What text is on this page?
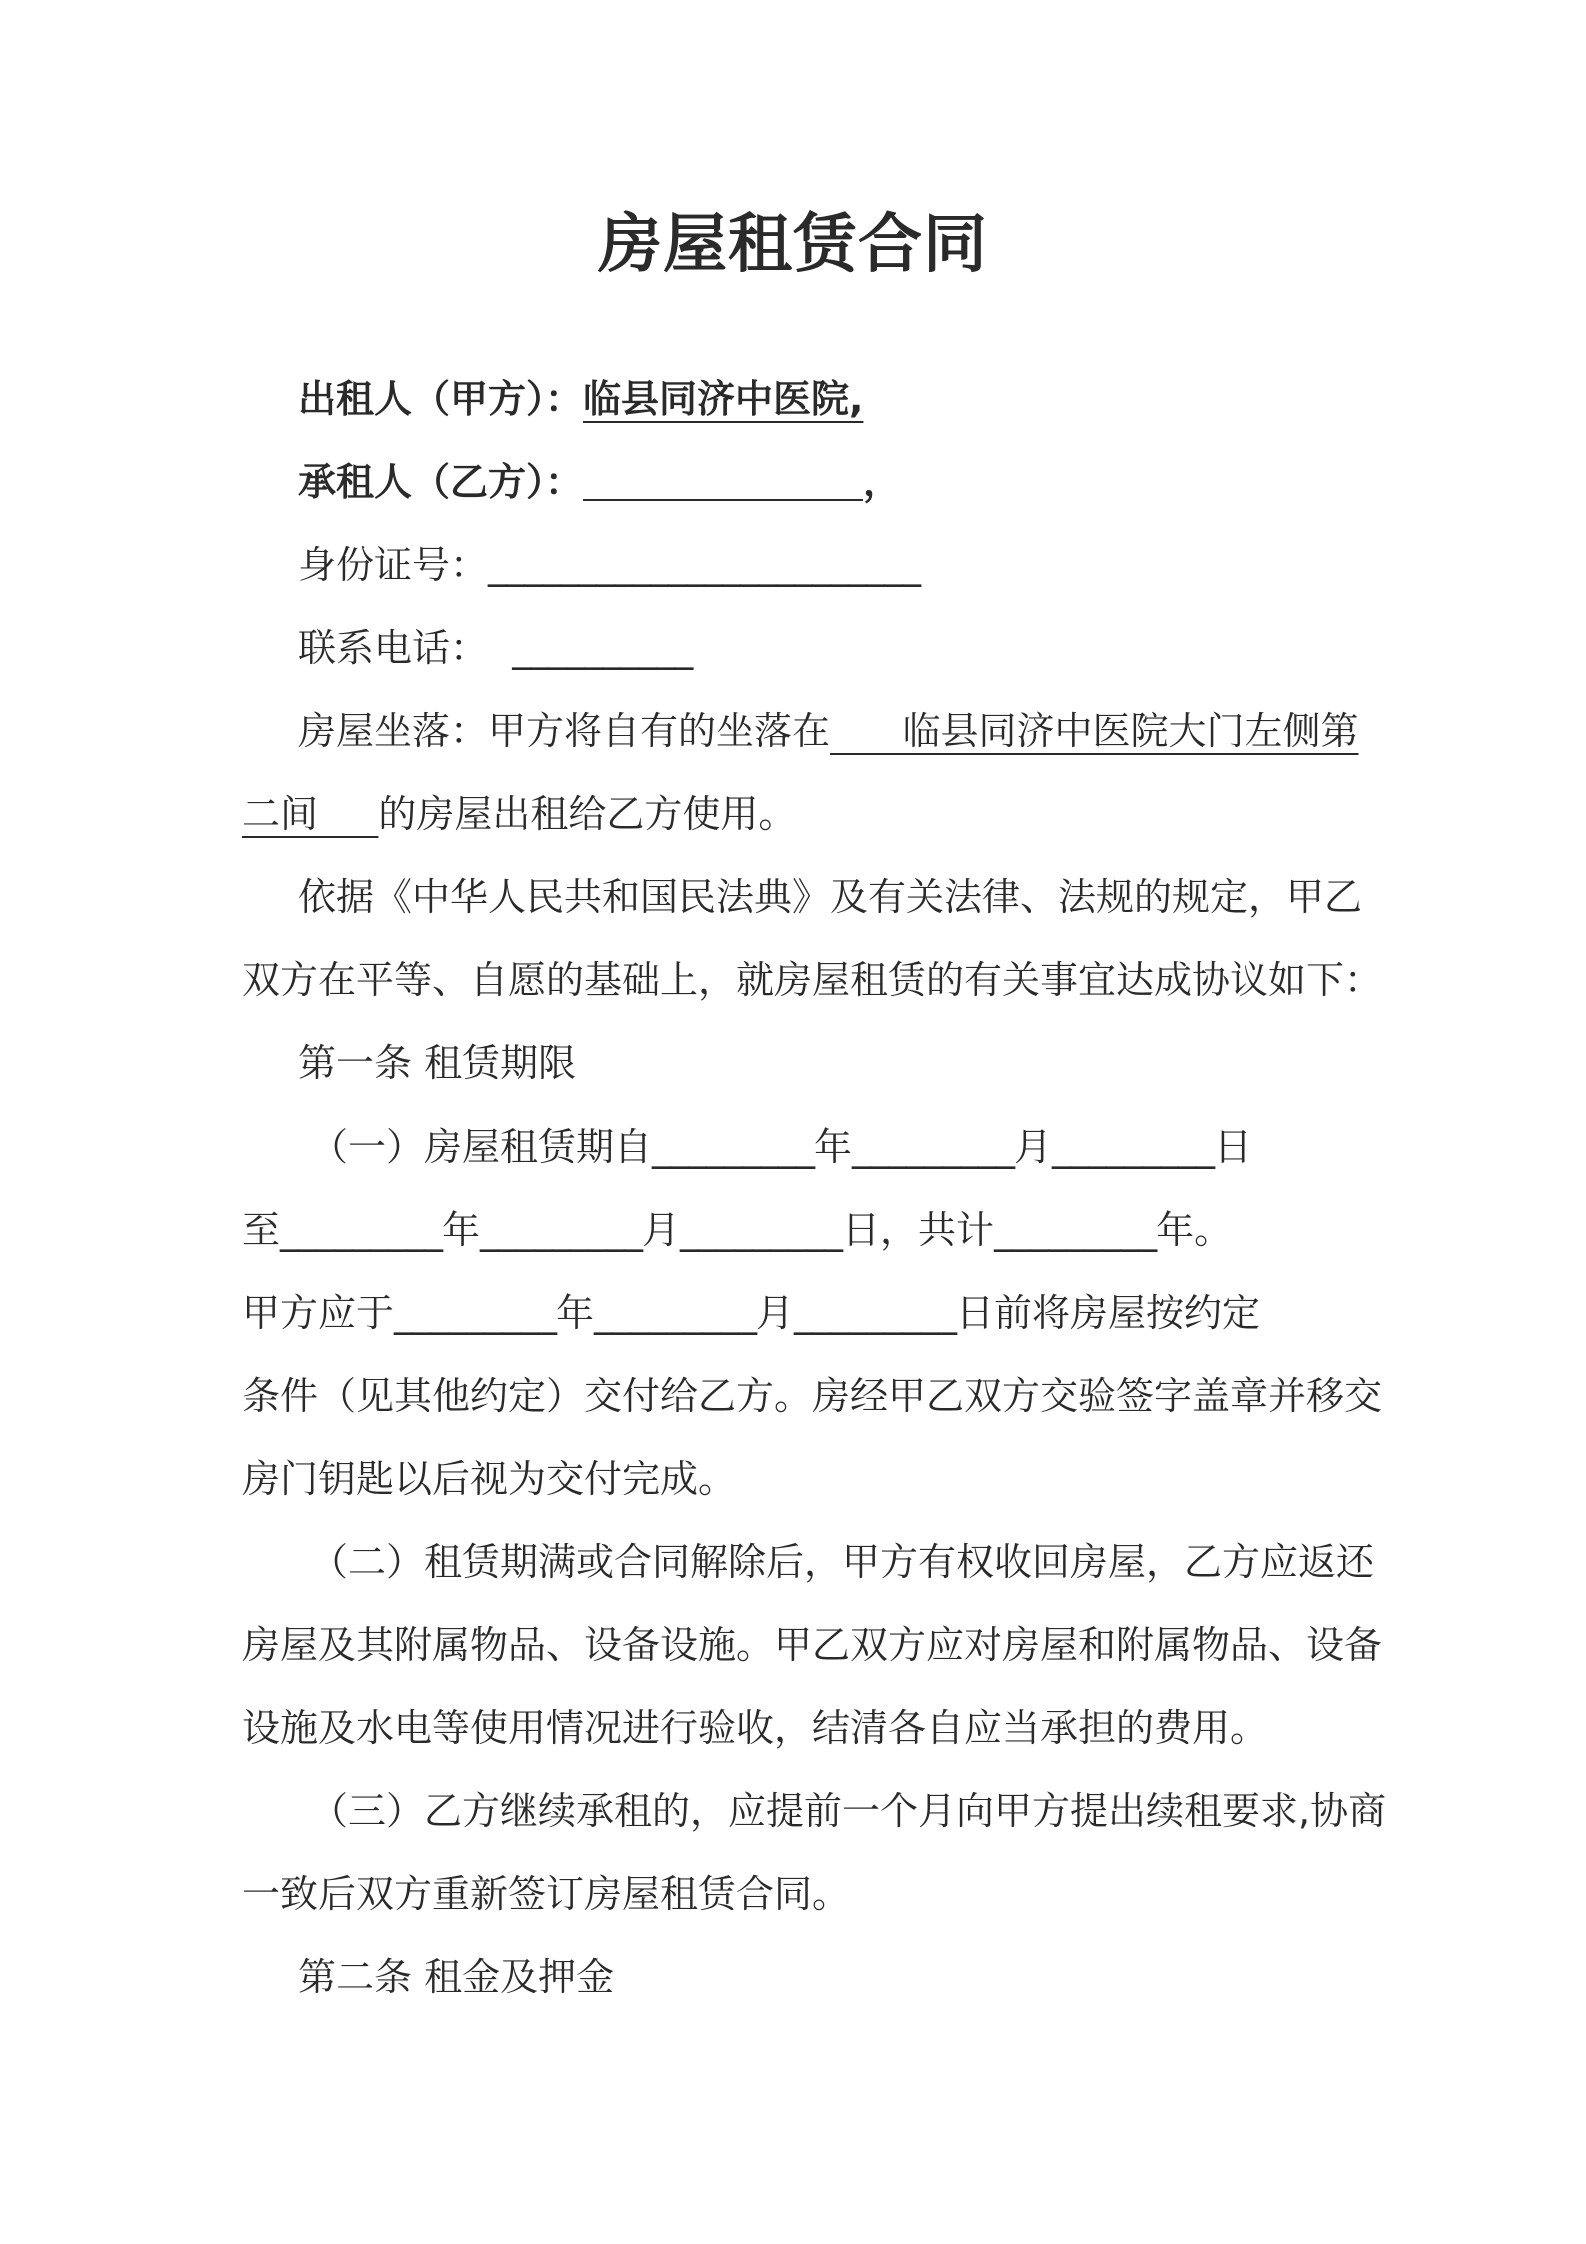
房屋租赁合同
出租人（甲方）：临县同济中医院,
承租人（乙方）：	，
身份证号：________________________
联系电话： __________
房屋坐落：甲方将自有的坐落在 临县同济中医院大门左侧第
二间 的房屋出租给乙方使用。
依据《中华人民共和国民法典》及有关法律、法规的规定，甲乙
双方在平等、自愿的基础上，就房屋租赁的有关事宜达成协议如下：
第一条 租赁期限
（一）房屋租赁期自_________年_________月_________日
至_________年_________月_________日，共计_________年。
甲方应于_________年_________月_________日前将房屋按约定
条件（见其他约定）交付给乙方。房经甲乙双方交验签字盖章并移交
房门钥匙以后视为交付完成。
（二）租赁期满或合同解除后，甲方有权收回房屋，乙方应返还
房屋及其附属物品、设备设施。甲乙双方应对房屋和附属物品、设备
设施及水电等使用情况进行验收，结清各自应当承担的费用。
（三）乙方继续承租的，应提前一个月向甲方提出续租要求,协商
一致后双方重新签订房屋租赁合同。
第二条 租金及押金
